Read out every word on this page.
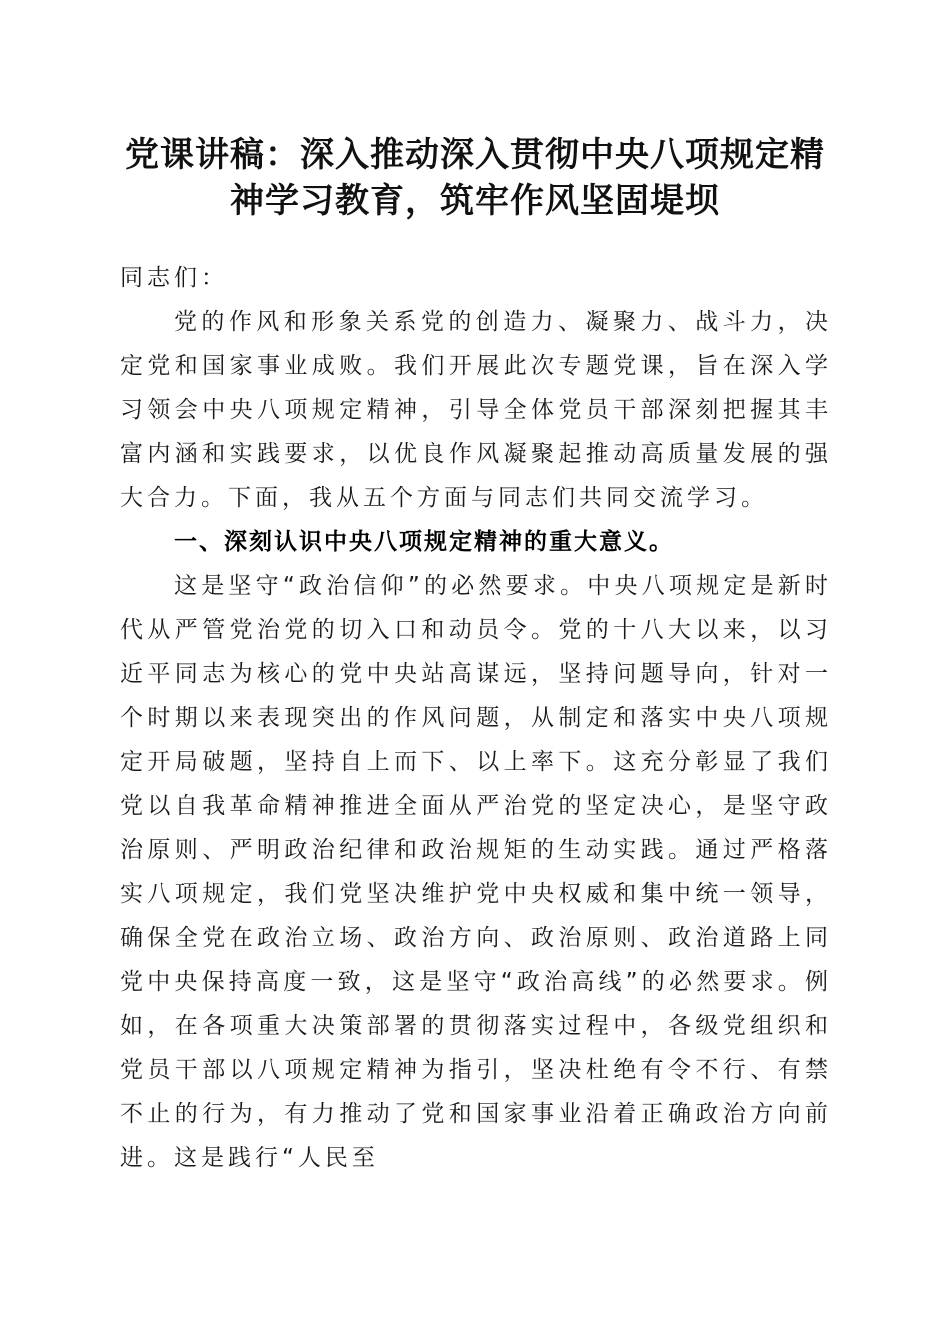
党课讲稿：深入推动深入贯彻中央八项规定精神学习教育，筑牢作风坚固堤坝

同志们：

党的作风和形象关系党的创造力、凝聚力、战斗力，决定党和国家事业成败。我们开展此次专题党课，旨在深入学习领会中央八项规定精神，引导全体党员干部深刻把握其丰富内涵和实践要求，以优良作风凝聚起推动高质量发展的强大合力。下面，我从五个方面与同志们共同交流学习。

一、深刻认识中央八项规定精神的重大意义。

这是坚守“政治信仰”的必然要求。中央八项规定是新时代从严管党治党的切入口和动员令。党的十八大以来，以习近平同志为核心的党中央站高谋远，坚持问题导向，针对一个时期以来表现突出的作风问题，从制定和落实中央八项规定开局破题，坚持自上而下、以上率下。这充分彰显了我们党以自我革命精神推进全面从严治党的坚定决心，是坚守政治原则、严明政治纪律和政治规矩的生动实践。通过严格落实八项规定，我们党坚决维护党中央权威和集中统一领导，确保全党在政治立场、政治方向、政治原则、政治道路上同党中央保持高度一致，这是坚守“政治高线”的必然要求。例如，在各项重大决策部署的贯彻落实过程中，各级党组织和党员干部以八项规定精神为指引，坚决杜绝有令不行、有禁不止的行为，有力推动了党和国家事业沿着正确政治方向前进。这是践行“人民至
